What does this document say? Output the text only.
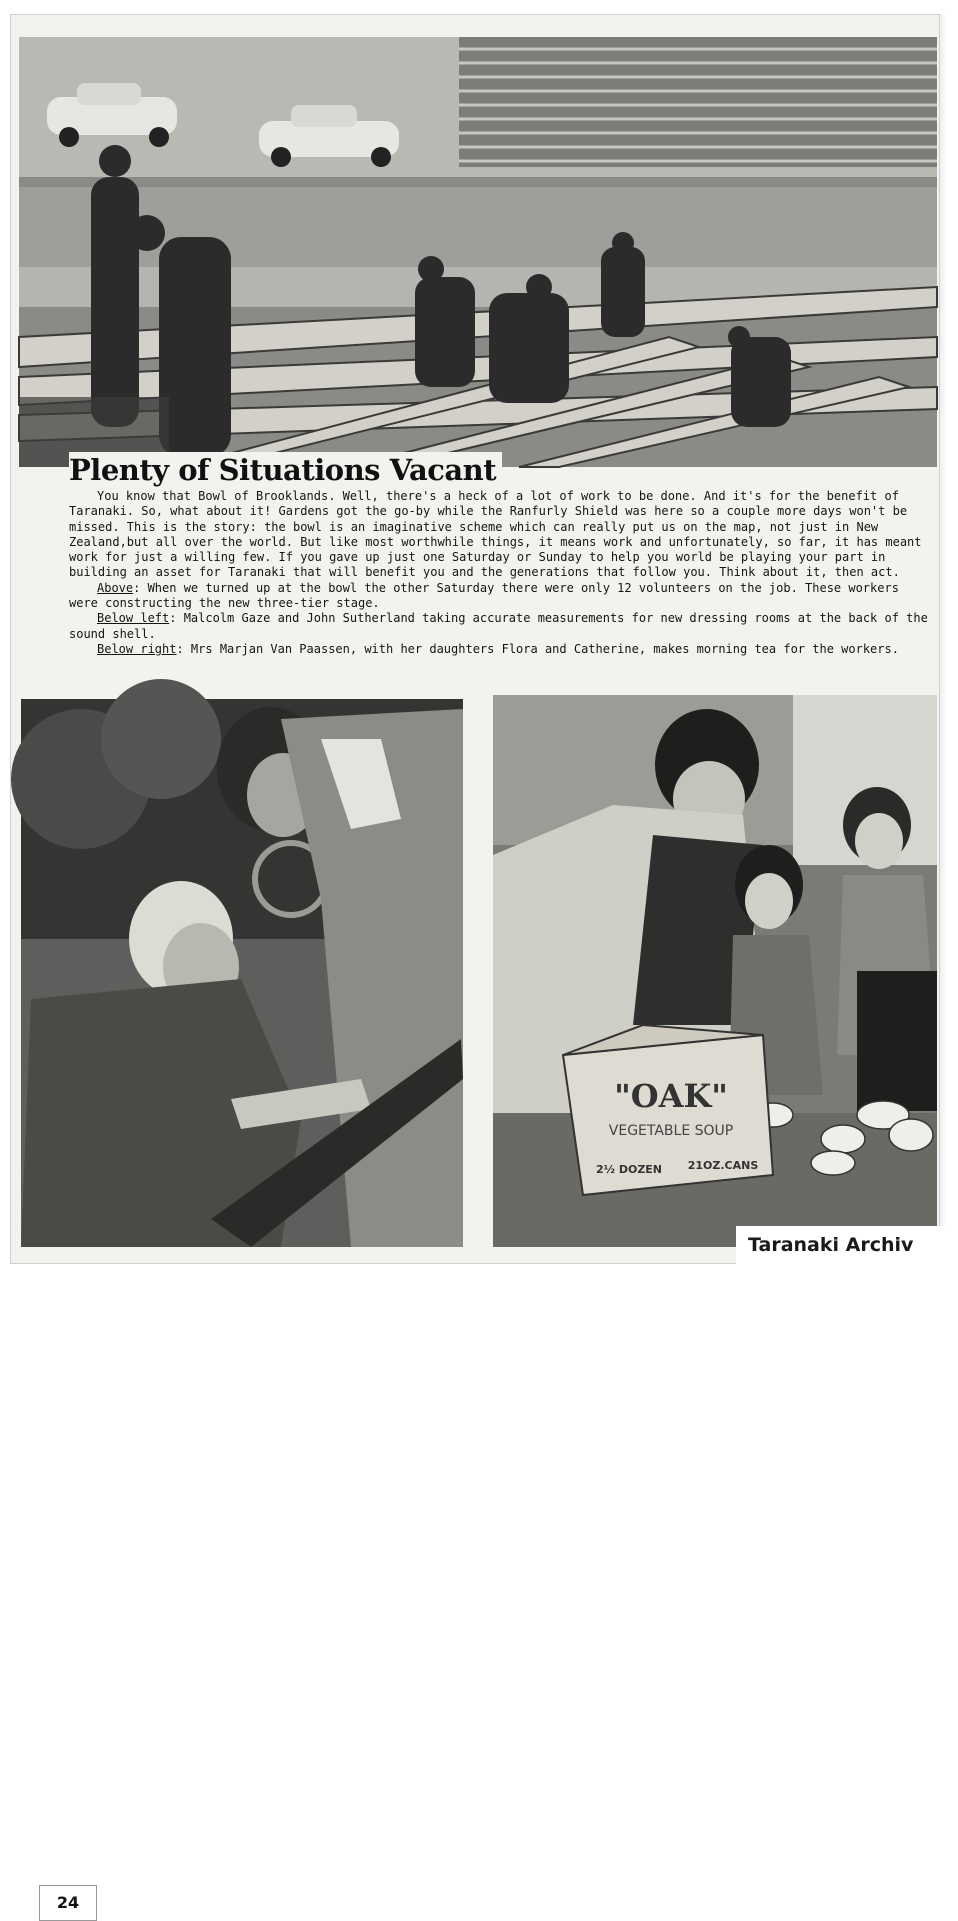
Plenty of Situations Vacant

You know that Bowl of Brooklands. Well, there's a heck of a lot of work to be done. And it's for the benefit of Taranaki. So, what about it! Gardens got the go-by while the Ranfurly Shield was here so a couple more days won't be missed. This is the story: the bowl is an imaginative scheme which can really put us on the map, not just in New Zealand,but all over the world. But like most worthwhile things, it means work and unfortunately, so far, it has meant work for just a willing few. If you gave up just one Saturday or Sunday to help you world be playing your part in building an asset for Taranaki that will benefit you and the generations that follow you. Think about it, then act.

Above: When we turned up at the bowl the other Saturday there were only 12 volunteers on the job. These workers were constructing the new three-tier stage.

Below left: Malcolm Gaze and John Sutherland taking accurate measurements for new dressing rooms at the back of the sound shell.

Below right: Mrs Marjan Van Paassen, with her daughters Flora and Catherine, makes morning tea for the workers.

24
"OAK"
VEGETABLE SOUP
2½ DOZEN 21OZ.CANS
Taranaki Archiv
